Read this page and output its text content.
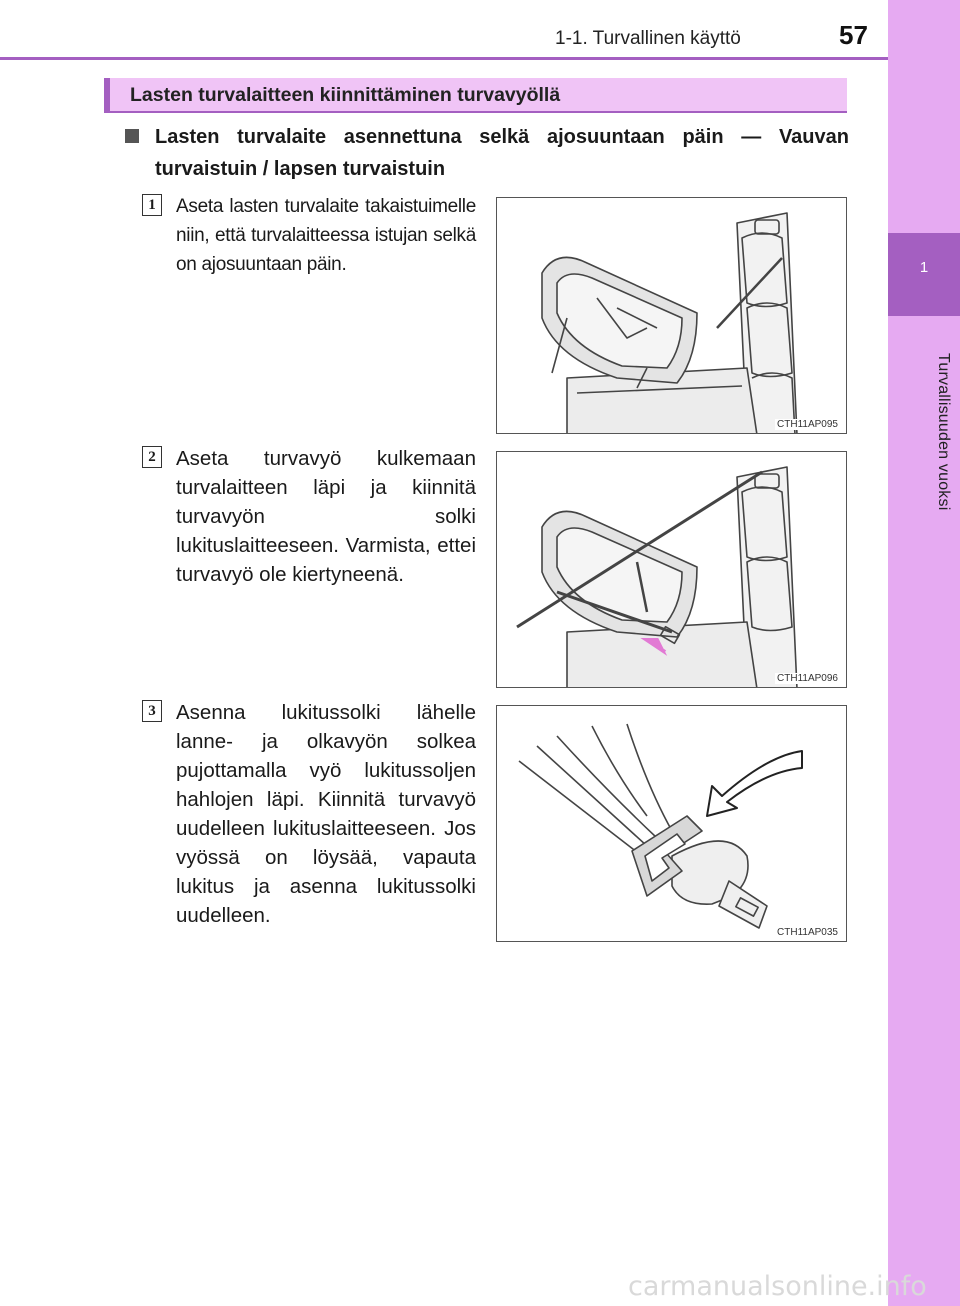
1
Turvallisuuden vuoksi
1-1. Turvallinen käyttö	57
Lasten turvalaitteen kiinnittäminen turvavyöllä
Lasten turvalaite asennettuna selkä ajosuuntaan päin — Vauvan turvaistuin / lapsen turvaistuin
1	Aseta lasten turvalaite takaistuimelle niin, että turvalaitteessa istujan selkä on ajosuuntaan päin.
CTH11AP095
2 Aseta turvavyö kulkemaan turvalaitteen läpi ja kiinnitä turvavyön solki lukituslaitteeseen. Varmista, ettei turvavyö ole kiertyneenä.
CTH11AP096
3 Asenna lukitussolki lähelle lanne- ja olkavyön solkea pujottamalla vyö lukitussoljen hahlojen läpi. Kiinnitä turvavyö uudelleen lukituslaitteeseen. Jos vyössä on löysää, vapauta lukitus ja asenna lukitussolki uudelleen.
CTH11AP035
carmanualsonline.info
